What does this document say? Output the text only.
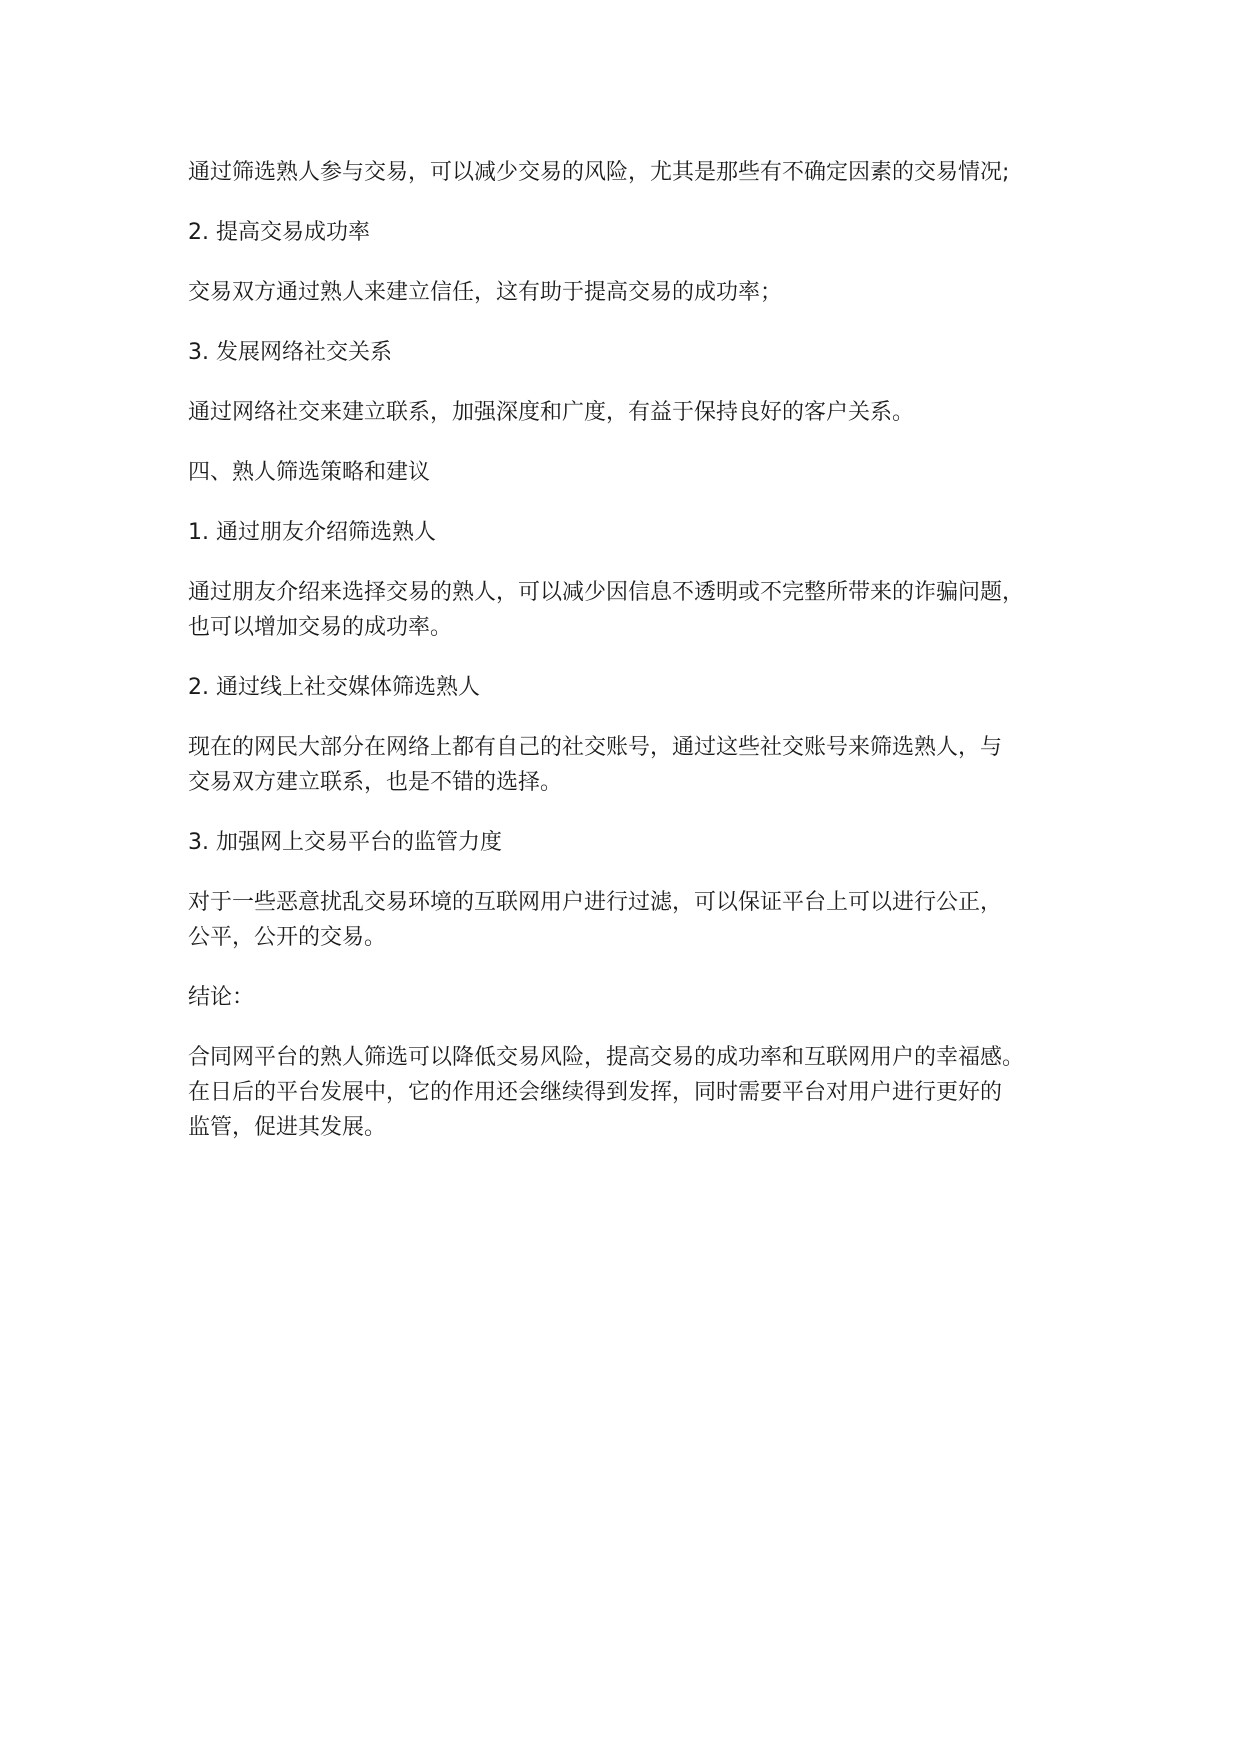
通过筛选熟人参与交易，可以减少交易的风险，尤其是那些有不确定因素的交易情况;

2. 提高交易成功率

交易双方通过熟人来建立信任，这有助于提高交易的成功率；

3. 发展网络社交关系

通过网络社交来建立联系，加强深度和广度，有益于保持良好的客户关系。

四、熟人筛选策略和建议

1. 通过朋友介绍筛选熟人

通过朋友介绍来选择交易的熟人，可以减少因信息不透明或不完整所带来的诈骗问题，
也可以增加交易的成功率。

2. 通过线上社交媒体筛选熟人

现在的网民大部分在网络上都有自己的社交账号，通过这些社交账号来筛选熟人，与
交易双方建立联系，也是不错的选择。

3. 加强网上交易平台的监管力度

对于一些恶意扰乱交易环境的互联网用户进行过滤，可以保证平台上可以进行公正，
公平，公开的交易。

结论：

合同网平台的熟人筛选可以降低交易风险，提高交易的成功率和互联网用户的幸福感。
在日后的平台发展中，它的作用还会继续得到发挥，同时需要平台对用户进行更好的
监管，促进其发展。
